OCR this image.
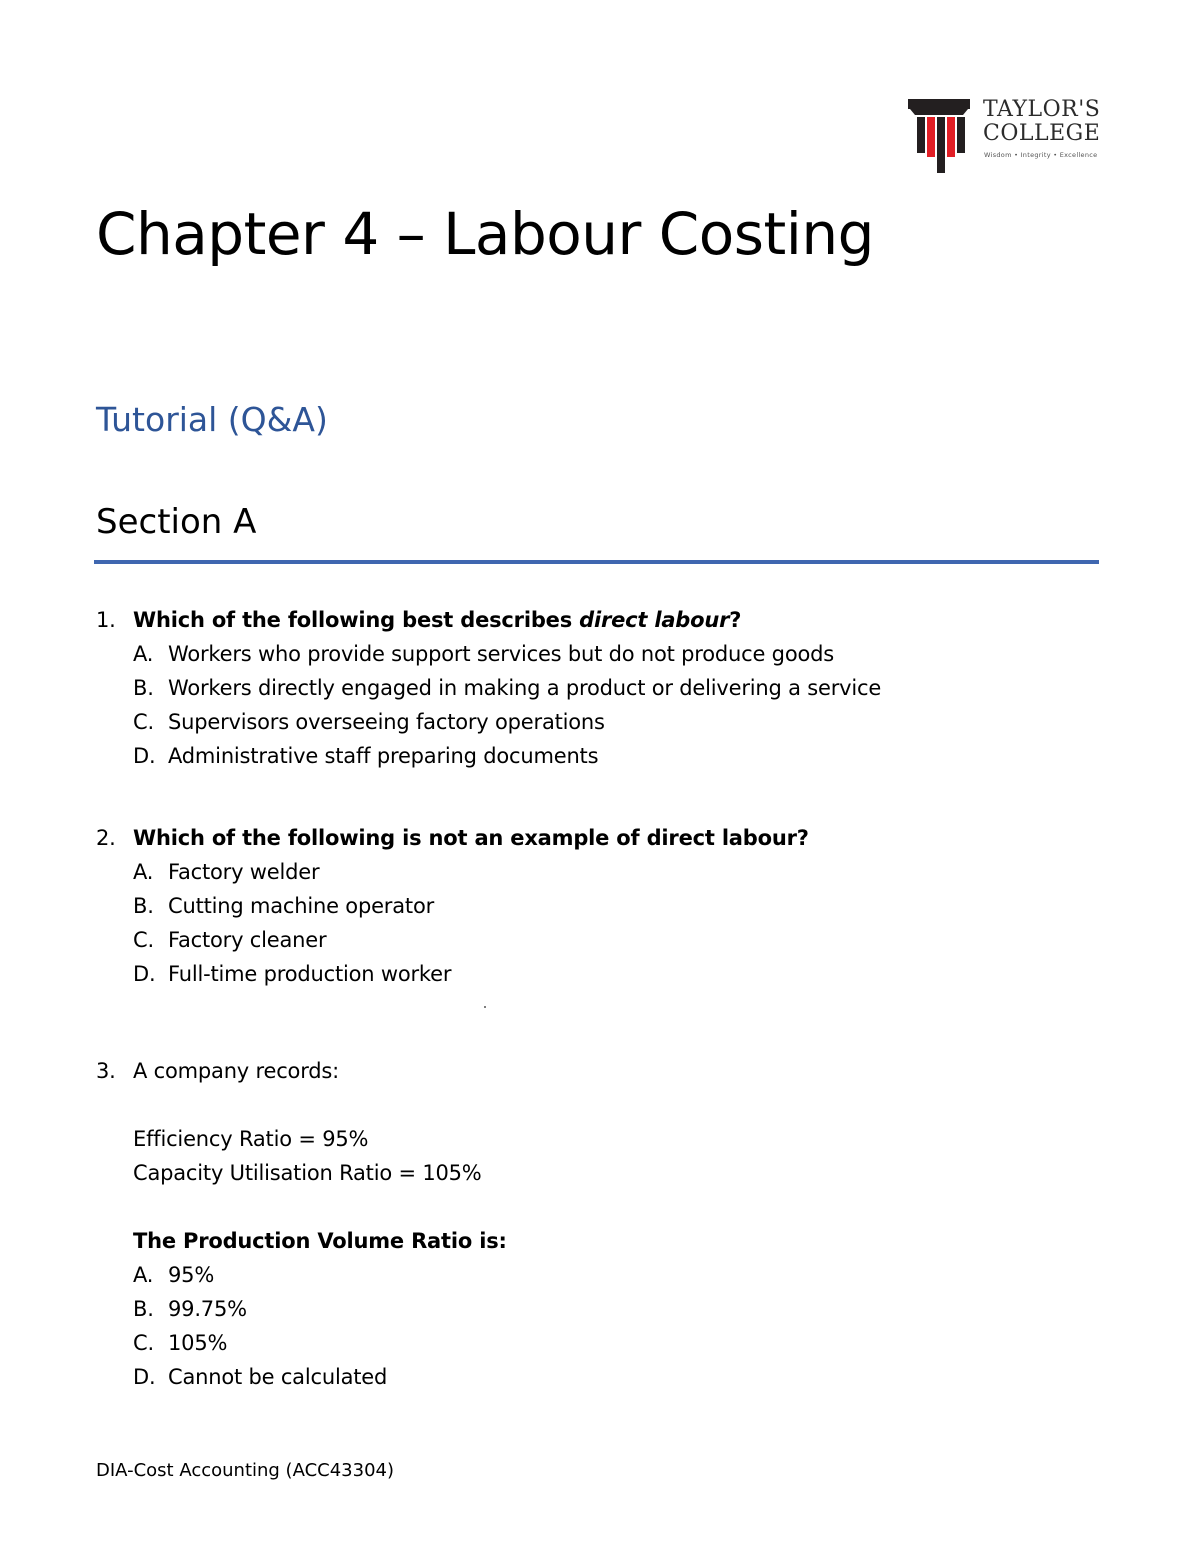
TAYLOR'S
COLLEGE
Wisdom • Integrity • Excellence
Chapter 4 – Labour Costing
Tutorial (Q&A)
Section A
1. Which of the following best describes direct labour?
A. Workers who provide support services but do not produce goods
B. Workers directly engaged in making a product or delivering a service
C. Supervisors overseeing factory operations
D. Administrative staff preparing documents
2. Which of the following is not an example of direct labour?
A. Factory welder
B. Cutting machine operator
C. Factory cleaner
D. Full-time production worker
3. A company records:
Efficiency Ratio = 95%
Capacity Utilisation Ratio = 105%
The Production Volume Ratio is:
A. 95%
B. 99.75%
C. 105%
D. Cannot be calculated
DIA-Cost Accounting (ACC43304)
